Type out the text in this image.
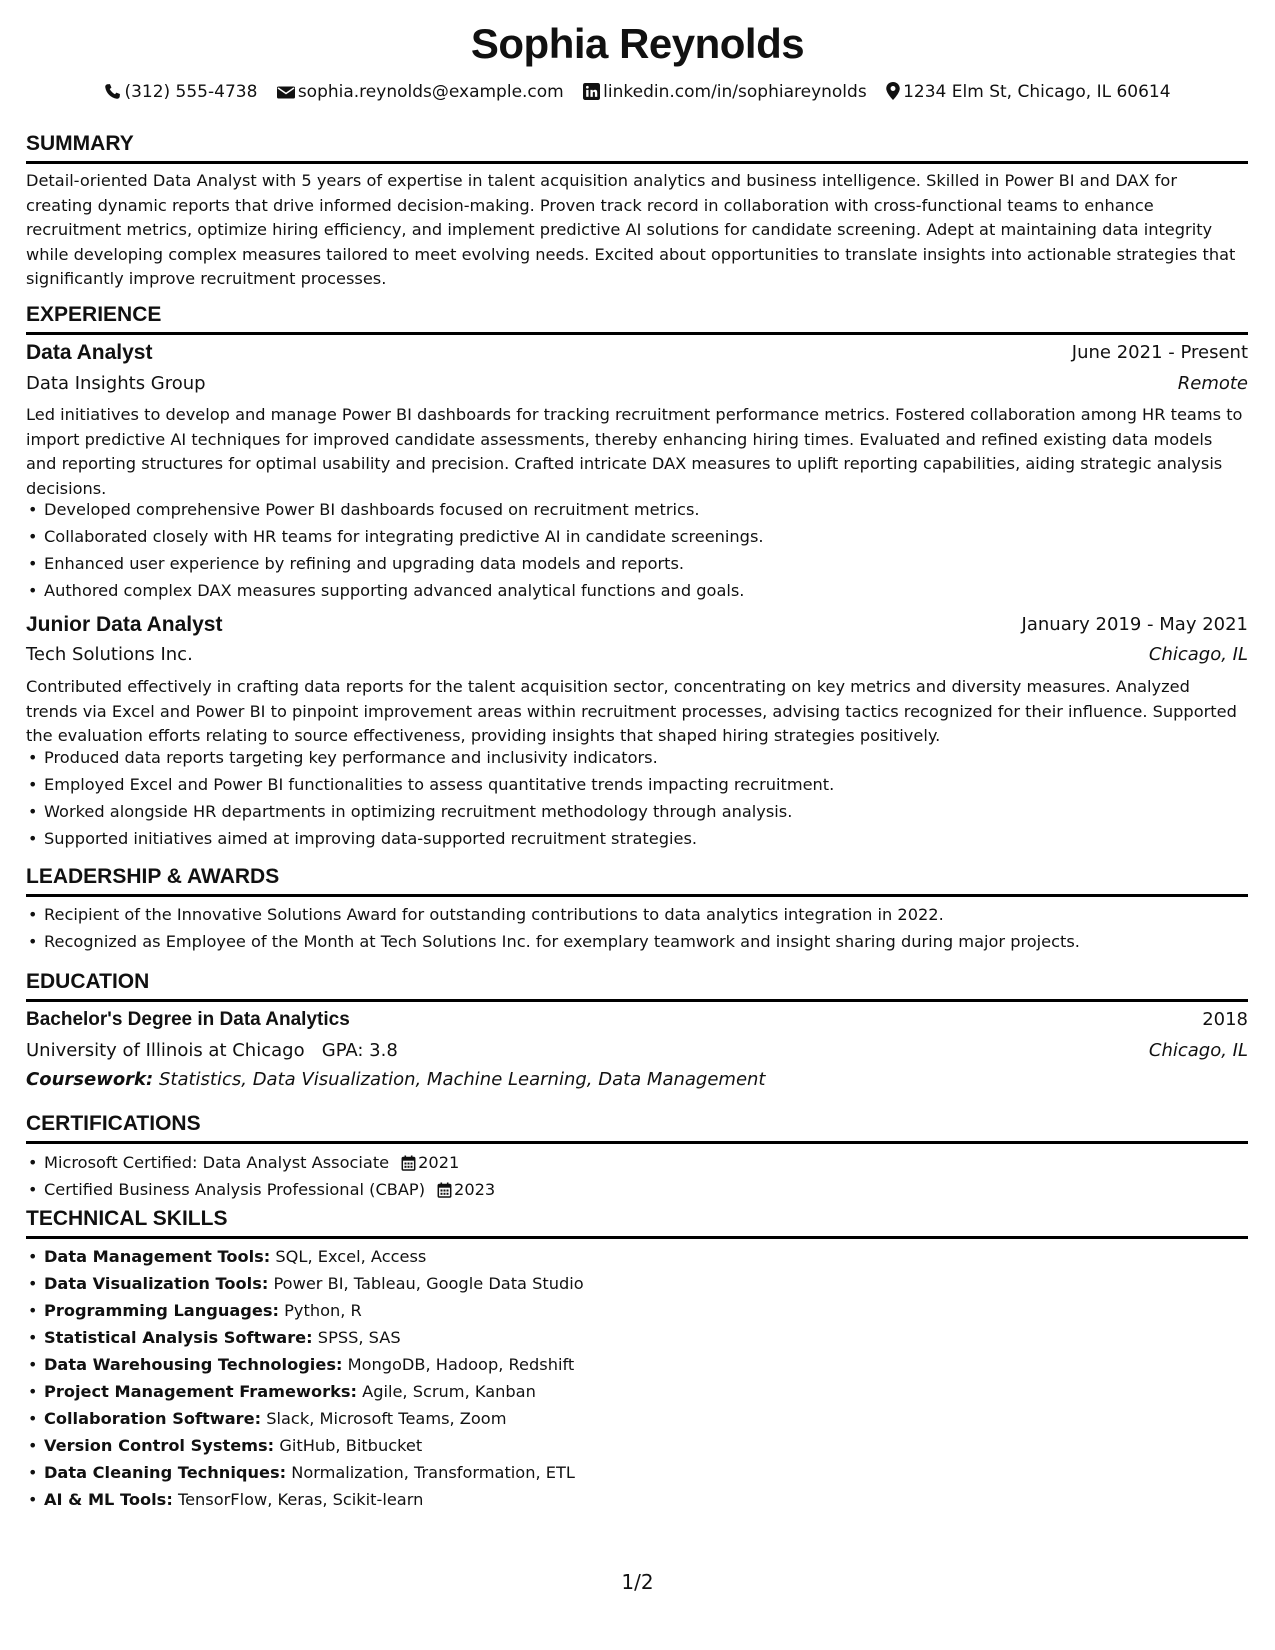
Sophia Reynolds
(312) 555-4738 sophia.reynolds@example.com linkedin.com/in/sophiareynolds 1234 Elm St, Chicago, IL 60614
SUMMARY
Detail-oriented Data Analyst with 5 years of expertise in talent acquisition analytics and business intelligence. Skilled in Power BI and DAX for creating dynamic reports that drive informed decision-making. Proven track record in collaboration with cross-functional teams to enhance recruitment metrics, optimize hiring efficiency, and implement predictive AI solutions for candidate screening. Adept at maintaining data integrity while developing complex measures tailored to meet evolving needs. Excited about opportunities to translate insights into actionable strategies that significantly improve recruitment processes.
EXPERIENCE
Data Analyst	June 2021 - Present
Data Insights Group	Remote
Led initiatives to develop and manage Power BI dashboards for tracking recruitment performance metrics. Fostered collaboration among HR teams to import predictive AI techniques for improved candidate assessments, thereby enhancing hiring times. Evaluated and refined existing data models and reporting structures for optimal usability and precision. Crafted intricate DAX measures to uplift reporting capabilities, aiding strategic analysis decisions.
• Developed comprehensive Power BI dashboards focused on recruitment metrics.
• Collaborated closely with HR teams for integrating predictive AI in candidate screenings.
• Enhanced user experience by refining and upgrading data models and reports.
• Authored complex DAX measures supporting advanced analytical functions and goals.
Junior Data Analyst	January 2019 - May 2021
Tech Solutions Inc.	Chicago, IL
Contributed effectively in crafting data reports for the talent acquisition sector, concentrating on key metrics and diversity measures. Analyzed trends via Excel and Power BI to pinpoint improvement areas within recruitment processes, advising tactics recognized for their influence. Supported the evaluation efforts relating to source effectiveness, providing insights that shaped hiring strategies positively.
• Produced data reports targeting key performance and inclusivity indicators.
• Employed Excel and Power BI functionalities to assess quantitative trends impacting recruitment.
• Worked alongside HR departments in optimizing recruitment methodology through analysis.
• Supported initiatives aimed at improving data-supported recruitment strategies.
LEADERSHIP & AWARDS
• Recipient of the Innovative Solutions Award for outstanding contributions to data analytics integration in 2022.
• Recognized as Employee of the Month at Tech Solutions Inc. for exemplary teamwork and insight sharing during major projects.
EDUCATION
Bachelor's Degree in Data Analytics	2018
University of Illinois at Chicago GPA: 3.8	Chicago, IL
Coursework: Statistics, Data Visualization, Machine Learning, Data Management
CERTIFICATIONS
• Microsoft Certified: Data Analyst Associate 2021
• Certified Business Analysis Professional (CBAP) 2023
TECHNICAL SKILLS
• Data Management Tools: SQL, Excel, Access
• Data Visualization Tools: Power BI, Tableau, Google Data Studio
• Programming Languages: Python, R
• Statistical Analysis Software: SPSS, SAS
• Data Warehousing Technologies: MongoDB, Hadoop, Redshift
• Project Management Frameworks: Agile, Scrum, Kanban
• Collaboration Software: Slack, Microsoft Teams, Zoom
• Version Control Systems: GitHub, Bitbucket
• Data Cleaning Techniques: Normalization, Transformation, ETL
• AI & ML Tools: TensorFlow, Keras, Scikit-learn
1/2
